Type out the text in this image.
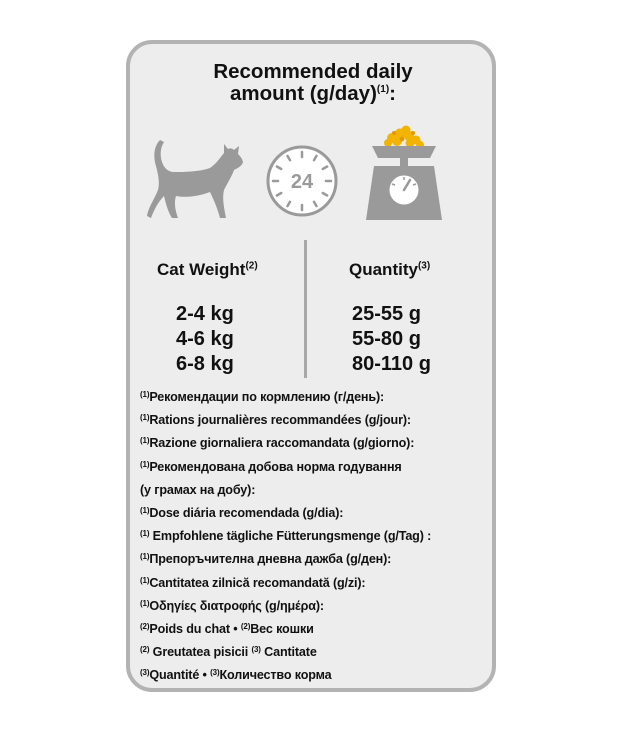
Recommended daily
amount $(g/day)^{(1)}$:
24
Cat Weight$^{(2)}$	Quantity$^{(3)}$
2-4 kg
4-6 kg
6-8 kg
25-55 g
55-80 g
80-110 g
$^{(1)}$Рекомендации по кормлению (г/день):
$^{(1)}$Rations journalières recommandées (g/jour):
$^{(1)}$Razione giornaliera raccomandata (g/giorno):
$^{(1)}$Рекомендована добова норма годування
(у грамах на добу):
$^{(1)}$Dose diária recomendada (g/dia):
$^{(1)}$ Empfohlene tägliche Fütterungsmenge (g/Tag) :
$^{(1)}$Препоръчителна дневна дажба (g/ден):
$^{(1)}$Cantitatea zilnică recomandată (g/zi):
$^{(1)}$Οδηγίες διατροφής (g/ημέρα):
$^{(2)}$Poids du chat • $^{(2)}$Вес кошки
$^{(2)}$ Greutatea pisicii $^{(3)}$ Cantitate
$^{(3)}$Quantité • $^{(3)}$Количество корма
